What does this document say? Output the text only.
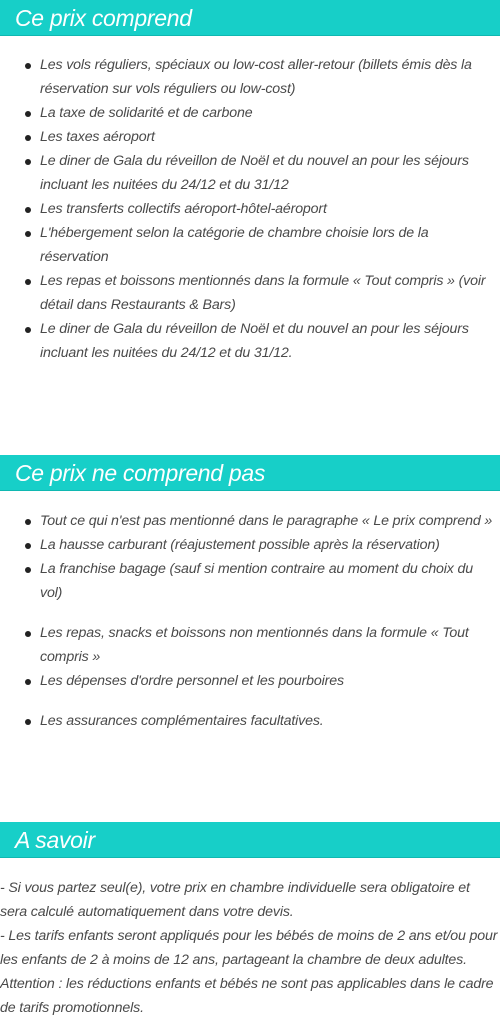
Ce prix comprend
Les vols réguliers, spéciaux ou low-cost aller-retour (billets émis dès la réservation sur vols réguliers ou low-cost)
La taxe de solidarité et de carbone
Les taxes aéroport
Le diner de Gala du réveillon de Noël et du nouvel an pour les séjours incluant les nuitées du 24/12 et du 31/12
Les transferts collectifs aéroport-hôtel-aéroport
L'hébergement selon la catégorie de chambre choisie lors de la réservation
Les repas et boissons mentionnés dans la formule « Tout compris » (voir détail dans Restaurants & Bars)
Le diner de Gala du réveillon de Noël et du nouvel an pour les séjours incluant les nuitées du 24/12 et du 31/12.
Ce prix ne comprend pas
Tout ce qui n'est pas mentionné dans le paragraphe « Le prix comprend »
La hausse carburant (réajustement possible après la réservation)
La franchise bagage (sauf si mention contraire au moment du choix du vol)
Les repas, snacks et boissons non mentionnés dans la formule « Tout compris »
Les dépenses d'ordre personnel et les pourboires
Les assurances complémentaires facultatives.
A savoir

- Si vous partez seul(e), votre prix en chambre individuelle sera obligatoire et sera calculé automatiquement dans votre devis.

- Les tarifs enfants seront appliqués pour les bébés de moins de 2 ans et/ou pour les enfants de 2 à moins de 12 ans, partageant la chambre de deux adultes.

Attention : les réductions enfants et bébés ne sont pas applicables dans le cadre de tarifs promotionnels.
